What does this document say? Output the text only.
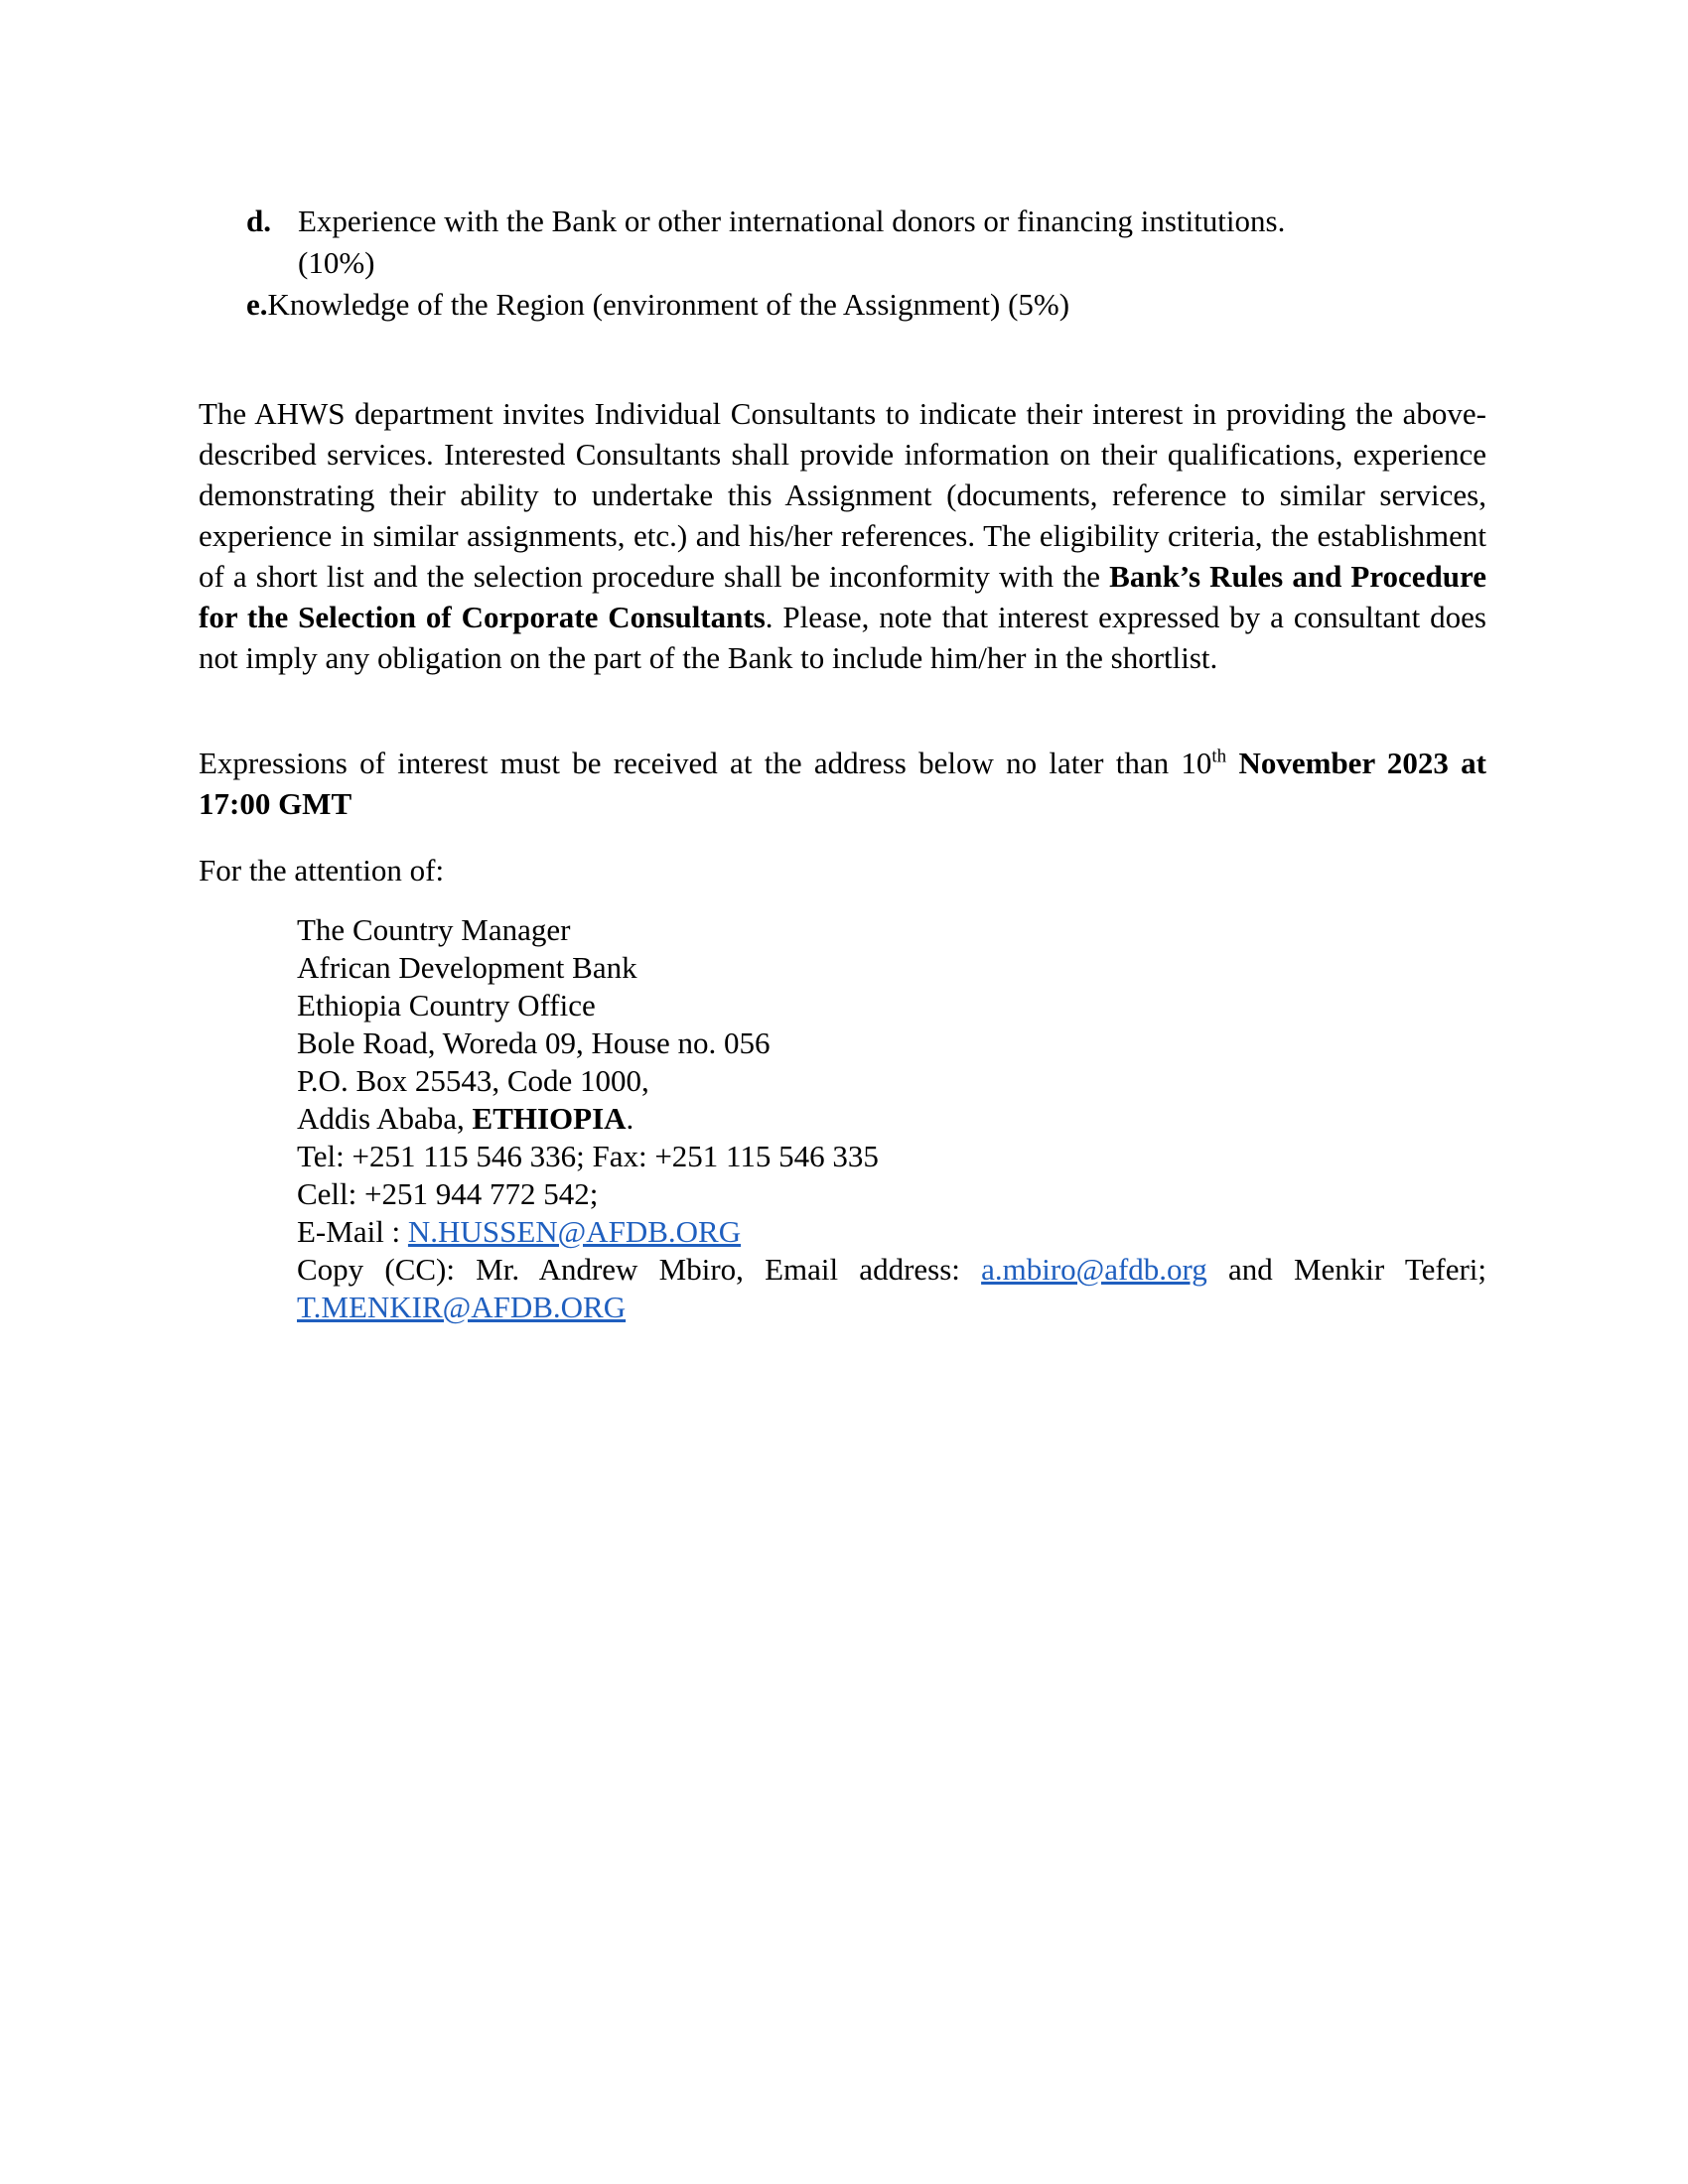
d. Experience with the Bank or other international donors or financing institutions.
(10%)
e.Knowledge of the Region (environment of the Assignment) (5%)
The AHWS department invites Individual Consultants to indicate their interest in providing the above-described services. Interested Consultants shall provide information on their qualifications, experience demonstrating their ability to undertake this Assignment (documents, reference to similar services, experience in similar assignments, etc.) and his/her references. The eligibility criteria, the establishment of a short list and the selection procedure shall be inconformity with the Bank’s Rules and Procedure for the Selection of Corporate Consultants. Please, note that interest expressed by a consultant does not imply any obligation on the part of the Bank to include him/her in the shortlist.
Expressions of interest must be received at the address below no later than 10th November 2023 at 17:00 GMT
For the attention of:
The Country Manager
African Development Bank
Ethiopia Country Office
Bole Road, Woreda 09, House no. 056
P.O. Box 25543, Code 1000,
Addis Ababa, ETHIOPIA.
Tel: +251 115 546 336; Fax: +251 115 546 335
Cell: +251 944 772 542;
E-Mail : N.HUSSEN@AFDB.ORG
Copy (CC): Mr. Andrew Mbiro, Email address: a.mbiro@afdb.org and Menkir Teferi;
T.MENKIR@AFDB.ORG
